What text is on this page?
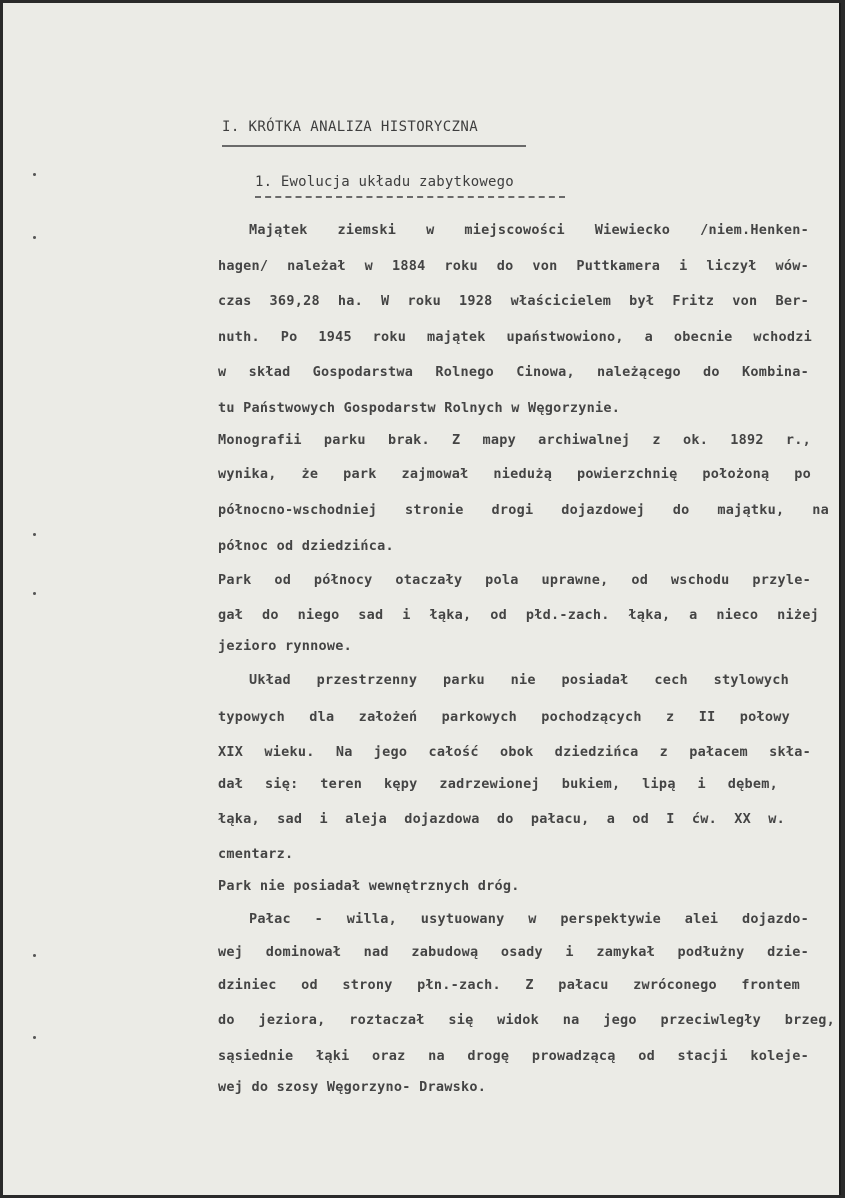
I. KRÓTKA ANALIZA HISTORYCZNA
1. Ewolucja układu zabytkowego
Majątek ziemski w miejscowości Wiewiecko /niem.Henken-
hagen/ należał w 1884 roku do von Puttkamera i liczył wów-
czas 369,28 ha. W roku 1928 właścicielem był Fritz von Ber-
nuth. Po 1945 roku majątek upaństwowiono, a obecnie wchodzi
w skład Gospodarstwa Rolnego Cinowa, należącego do Kombina-
tu Państwowych Gospodarstw Rolnych w Węgorzynie.
Monografii parku brak. Z mapy archiwalnej z ok. 1892 r.,
wynika, że park zajmował niedużą powierzchnię położoną po
północno-wschodniej stronie drogi dojazdowej do majątku, na
północ od dziedzińca.
Park od północy otaczały pola uprawne, od wschodu przyle-
gał do niego sad i łąka, od płd.-zach. łąka, a nieco niżej
jezioro rynnowe.
Układ przestrzenny parku nie posiadał cech stylowych
typowych dla założeń parkowych pochodzących z II połowy
XIX wieku. Na jego całość obok dziedzińca z pałacem skła-
dał się: teren kępy zadrzewionej bukiem, lipą i dębem,
łąka, sad i aleja dojazdowa do pałacu, a od I ćw. XX w.
cmentarz.
Park nie posiadał wewnętrznych dróg.
Pałac - willa, usytuowany w perspektywie alei dojazdo-
wej dominował nad zabudową osady i zamykał podłużny dzie-
dziniec od strony płn.-zach. Z pałacu zwróconego frontem
do jeziora, roztaczał się widok na jego przeciwległy brzeg,
sąsiednie łąki oraz na drogę prowadzącą od stacji koleje-
wej do szosy Węgorzyno- Drawsko.
